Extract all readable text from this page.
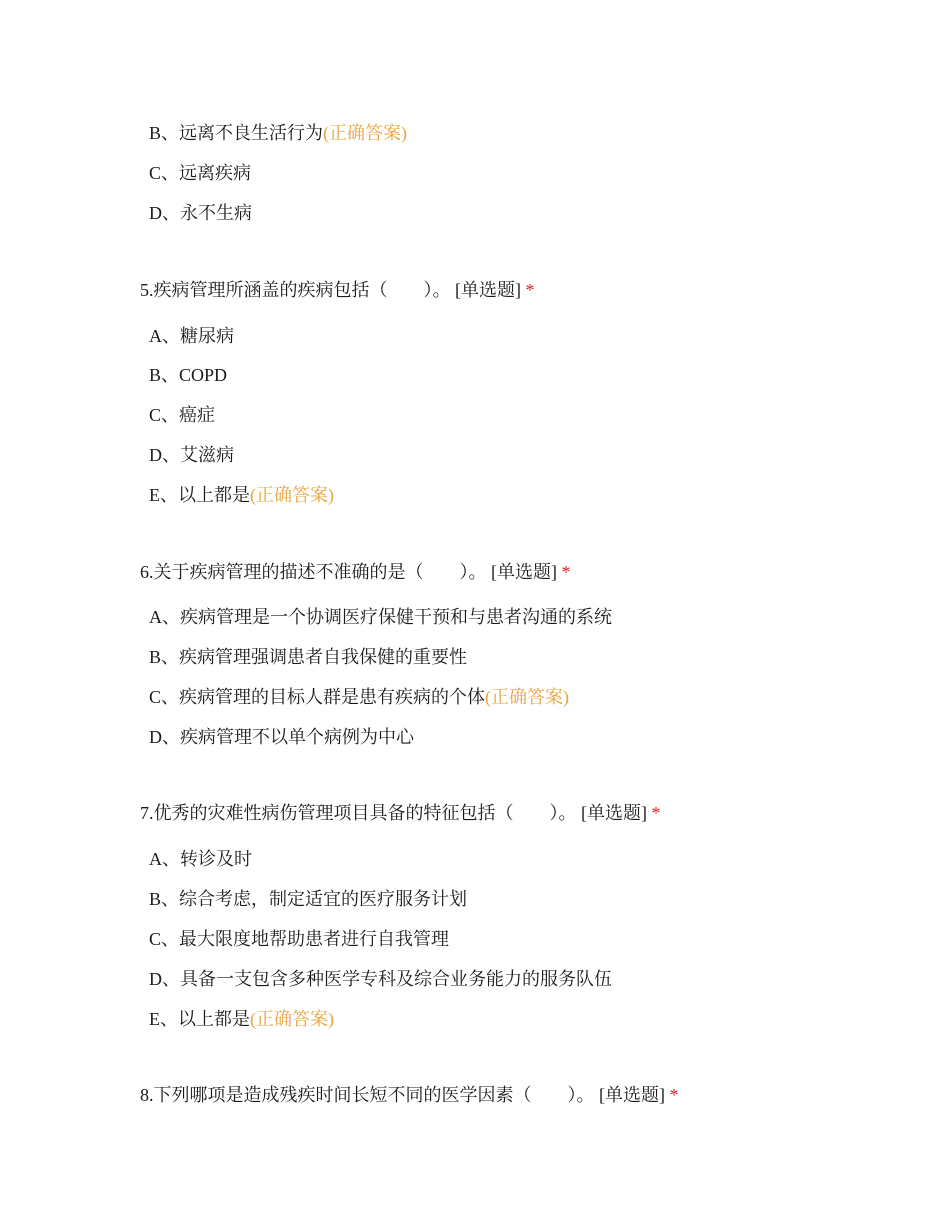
B、远离不良生活行为(正确答案)
C、远离疾病
D、永不生病
5.疾病管理所涵盖的疾病包括（　　）。 [单选题] *
A、糖尿病
B、COPD
C、癌症
D、艾滋病
E、以上都是(正确答案)
6.关于疾病管理的描述不准确的是（　　）。 [单选题] *
A、疾病管理是一个协调医疗保健干预和与患者沟通的系统
B、疾病管理强调患者自我保健的重要性
C、疾病管理的目标人群是患有疾病的个体(正确答案)
D、疾病管理不以单个病例为中心
7.优秀的灾难性病伤管理项目具备的特征包括（　　）。 [单选题] *
A、转诊及时
B、综合考虑，制定适宜的医疗服务计划
C、最大限度地帮助患者进行自我管理
D、具备一支包含多种医学专科及综合业务能力的服务队伍
E、以上都是(正确答案)
8.下列哪项是造成残疾时间长短不同的医学因素（　　）。 [单选题] *
